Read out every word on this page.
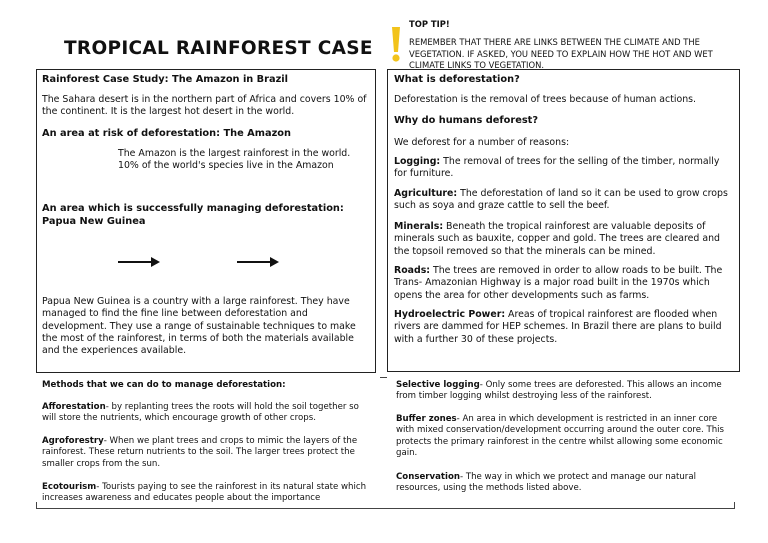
TROPICAL RAINFOREST CASE
TOP TIP!
REMEMBER THAT THERE ARE LINKS BETWEEN THE CLIMATE AND THE VEGETATION. IF ASKED, YOU NEED TO EXPLAIN HOW THE HOT AND WET CLIMATE LINKS TO VEGETATION.
Rainforest Case Study: The Amazon in Brazil
The Sahara desert is in the northern part of Africa and covers 10% of the continent. It is the largest hot desert in the world.
An area at risk of deforestation: The Amazon
The Amazon is the largest rainforest in the world. 10% of the world's species live in the Amazon
An area which is successfully managing deforestation: Papua New Guinea
Papua New Guinea is a country with a large rainforest. They have managed to find the fine line between deforestation and development. They use a range of sustainable techniques to make the most of the rainforest, in terms of both the materials available and the experiences available.
What is deforestation?
Deforestation is the removal of trees because of human actions.
Why do humans deforest?
We deforest for a number of reasons:
Logging: The removal of trees for the selling of the timber, normally for furniture.
Agriculture: The deforestation of land so it can be used to grow crops such as soya and graze cattle to sell the beef.
Minerals: Beneath the tropical rainforest are valuable deposits of minerals such as bauxite, copper and gold. The trees are cleared and the topsoil removed so that the minerals can be mined.
Roads: The trees are removed in order to allow roads to be built. The Trans- Amazonian Highway is a major road built in the 1970s which opens the area for other developments such as farms.
Hydroelectric Power: Areas of tropical rainforest are flooded when rivers are dammed for HEP schemes. In Brazil there are plans to build with a further 30 of these projects.
Methods that we can do to manage deforestation:
Afforestation- by replanting trees the roots will hold the soil together so will store the nutrients, which encourage growth of other crops.
Agroforestry- When we plant trees and crops to mimic the layers of the rainforest. These return nutrients to the soil. The larger trees protect the smaller crops from the sun.
Ecotourism- Tourists paying to see the rainforest in its natural state which increases awareness and educates people about the importance
Selective logging- Only some trees are deforested. This allows an income from timber logging whilst destroying less of the rainforest.
Buffer zones- An area in which development is restricted in an inner core with mixed conservation/development occurring around the outer core. This protects the primary rainforest in the centre whilst allowing some economic gain.
Conservation- The way in which we protect and manage our natural resources, using the methods listed above.
